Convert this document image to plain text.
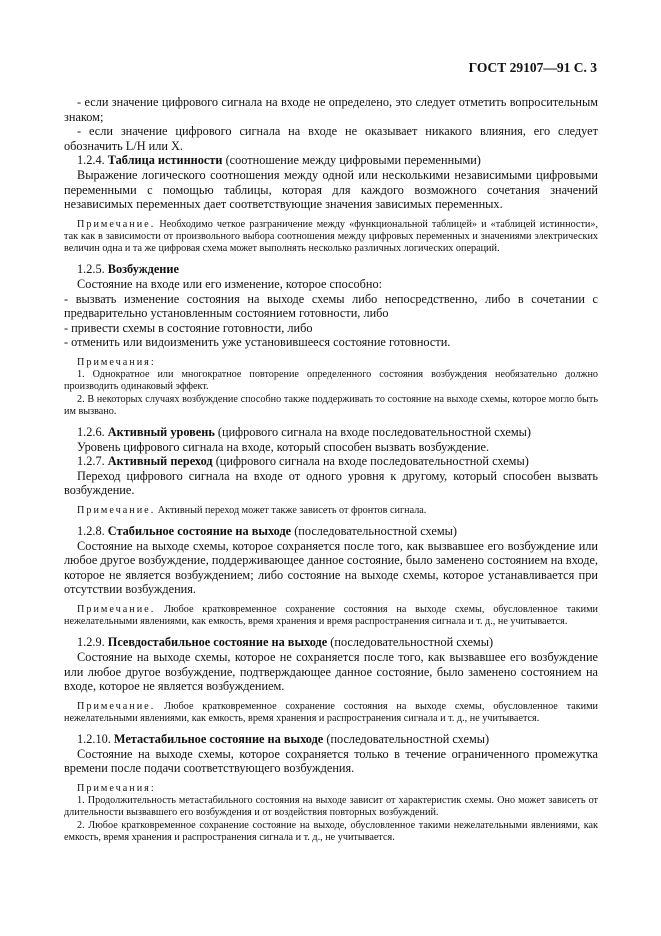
ГОСТ 29107—91 С. 3

- если значение цифрового сигнала на входе не определено, это следует отметить вопросительным знаком;

- если значение цифрового сигнала на входе не оказывает никакого влияния, его следует обозначить L/H или X.

1.2.4. Таблица истинности (соотношение между цифровыми переменными)

Выражение логического соотношения между одной или несколькими независимыми цифровыми переменными с помощью таблицы, которая для каждого возможного сочетания значений независимых переменных дает соответствующие значения зависимых переменных.

Примечание. Необходимо четкое разграничение между «функциональной таблицей» и «таблицей истинности», так как в зависимости от произвольного выбора соотношения между цифровых переменных и значениями электрических величин одна и та же цифровая схема может выполнять несколько различных логических операций.

1.2.5. Возбуждение

Состояние на входе или его изменение, которое способно:

- вызвать изменение состояния на выходе схемы либо непосредственно, либо в сочетании с предварительно установленным состоянием готовности, либо

- привести схемы в состояние готовности, либо

- отменить или видоизменить уже установившееся состояние готовности.

Примечания:

1. Однократное или многократное повторение определенного состояния возбуждения необязательно должно производить одинаковый эффект.

2. В некоторых случаях возбуждение способно также поддерживать то состояние на выходе схемы, которое могло быть им вызвано.

1.2.6. Активный уровень (цифрового сигнала на входе последовательностной схемы)

Уровень цифрового сигнала на входе, который способен вызвать возбуждение.

1.2.7. Активный переход (цифрового сигнала на входе последовательностной схемы)

Переход цифрового сигнала на входе от одного уровня к другому, который способен вызвать возбуждение.

Примечание. Активный переход может также зависеть от фронтов сигнала.

1.2.8. Стабильное состояние на выходе (последовательностной схемы)

Состояние на выходе схемы, которое сохраняется после того, как вызвавшее его возбуждение или любое другое возбуждение, поддерживающее данное состояние, было заменено состоянием на входе, которое не является возбуждением; либо состояние на выходе схемы, которое устанавливается при отсутствии возбуждения.

Примечание. Любое кратковременное сохранение состояния на выходе схемы, обусловленное такими нежелательными явлениями, как емкость, время хранения и время распространения сигнала и т. д., не учитывается.

1.2.9. Псевдостабильное состояние на выходе (последовательностной схемы)

Состояние на выходе схемы, которое не сохраняется после того, как вызвавшее его возбуждение или любое другое возбуждение, подтверждающее данное состояние, было заменено состоянием на входе, которое не является возбуждением.

Примечание. Любое кратковременное сохранение состояния на выходе схемы, обусловленное такими нежелательными явлениями, как емкость, время хранения и распространения сигнала и т. д., не учитывается.

1.2.10. Метастабильное состояние на выходе (последовательностной схемы)

Состояние на выходе схемы, которое сохраняется только в течение ограниченного промежутка времени после подачи соответствующего возбуждения.

Примечания:

1. Продолжительность метастабильного состояния на выходе зависит от характеристик схемы. Оно может зависеть от длительности вызвавшего его возбуждения и от воздействия повторных возбуждений.

2. Любое кратковременное сохранение состояние на выходе, обусловленное такими нежелательными явлениями, как емкость, время хранения и распространения сигнала и т. д., не учитывается.
